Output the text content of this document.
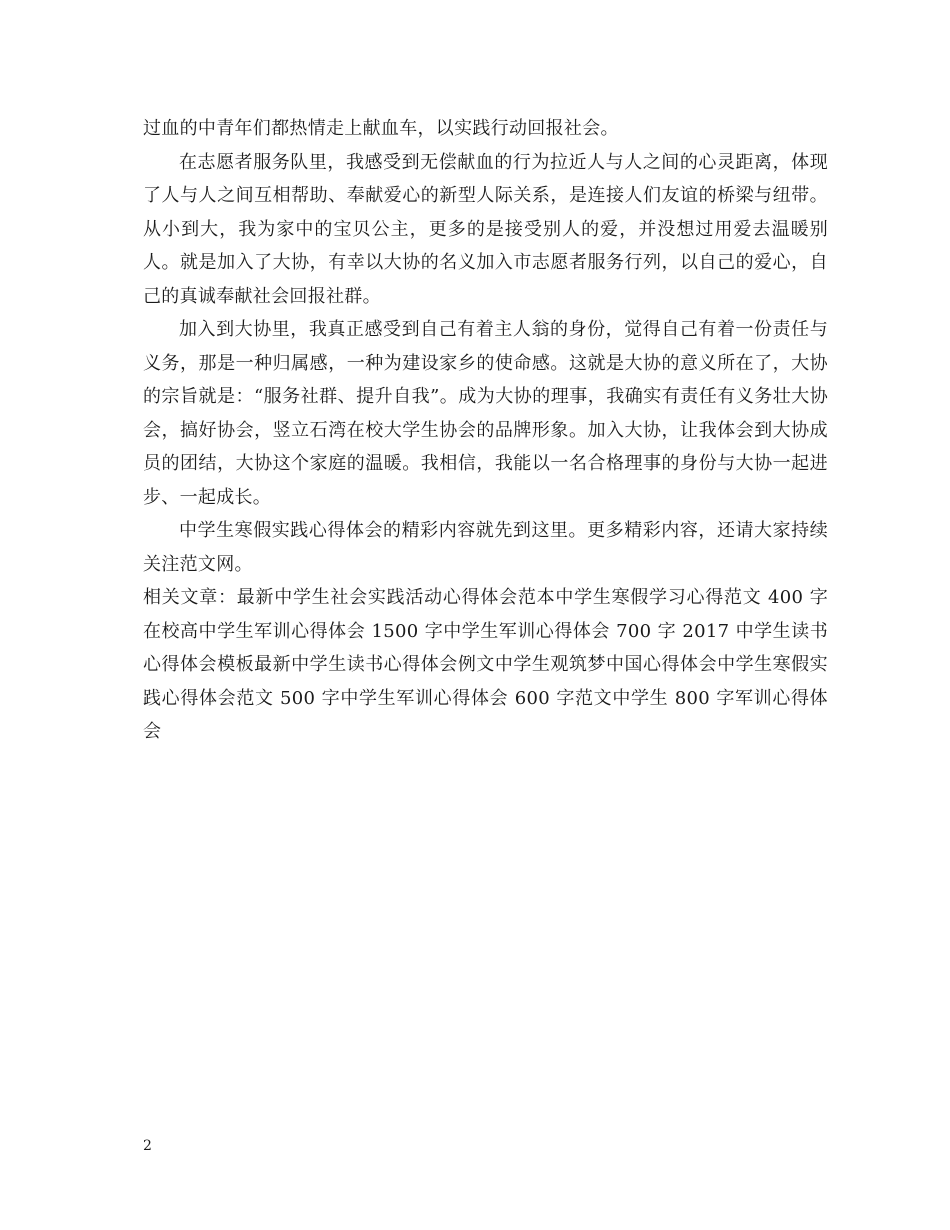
过血的中青年们都热情走上献血车，以实践行动回报社会。

在志愿者服务队里，我感受到无偿献血的行为拉近人与人之间的心灵距离，体现了人与人之间互相帮助、奉献爱心的新型人际关系，是连接人们友谊的桥梁与纽带。从小到大，我为家中的宝贝公主，更多的是接受别人的爱，并没想过用爱去温暖别人。就是加入了大协，有幸以大协的名义加入市志愿者服务行列，以自己的爱心，自己的真诚奉献社会回报社群。

加入到大协里，我真正感受到自己有着主人翁的身份，觉得自己有着一份责任与义务，那是一种归属感，一种为建设家乡的使命感。这就是大协的意义所在了，大协的宗旨就是：“服务社群、提升自我”。成为大协的理事，我确实有责任有义务壮大协会，搞好协会，竖立石湾在校大学生协会的品牌形象。加入大协，让我体会到大协成员的团结，大协这个家庭的温暖。我相信，我能以一名合格理事的身份与大协一起进步、一起成长。

中学生寒假实践心得体会的精彩内容就先到这里。更多精彩内容，还请大家持续关注范文网。

相关文章：最新中学生社会实践活动心得体会范本中学生寒假学习心得范文 400 字在校高中学生军训心得体会 1500 字中学生军训心得体会 700 字 2017 中学生读书心得体会模板最新中学生读书心得体会例文中学生观筑梦中国心得体会中学生寒假实践心得体会范文 500 字中学生军训心得体会 600 字范文中学生 800 字军训心得体会

2
